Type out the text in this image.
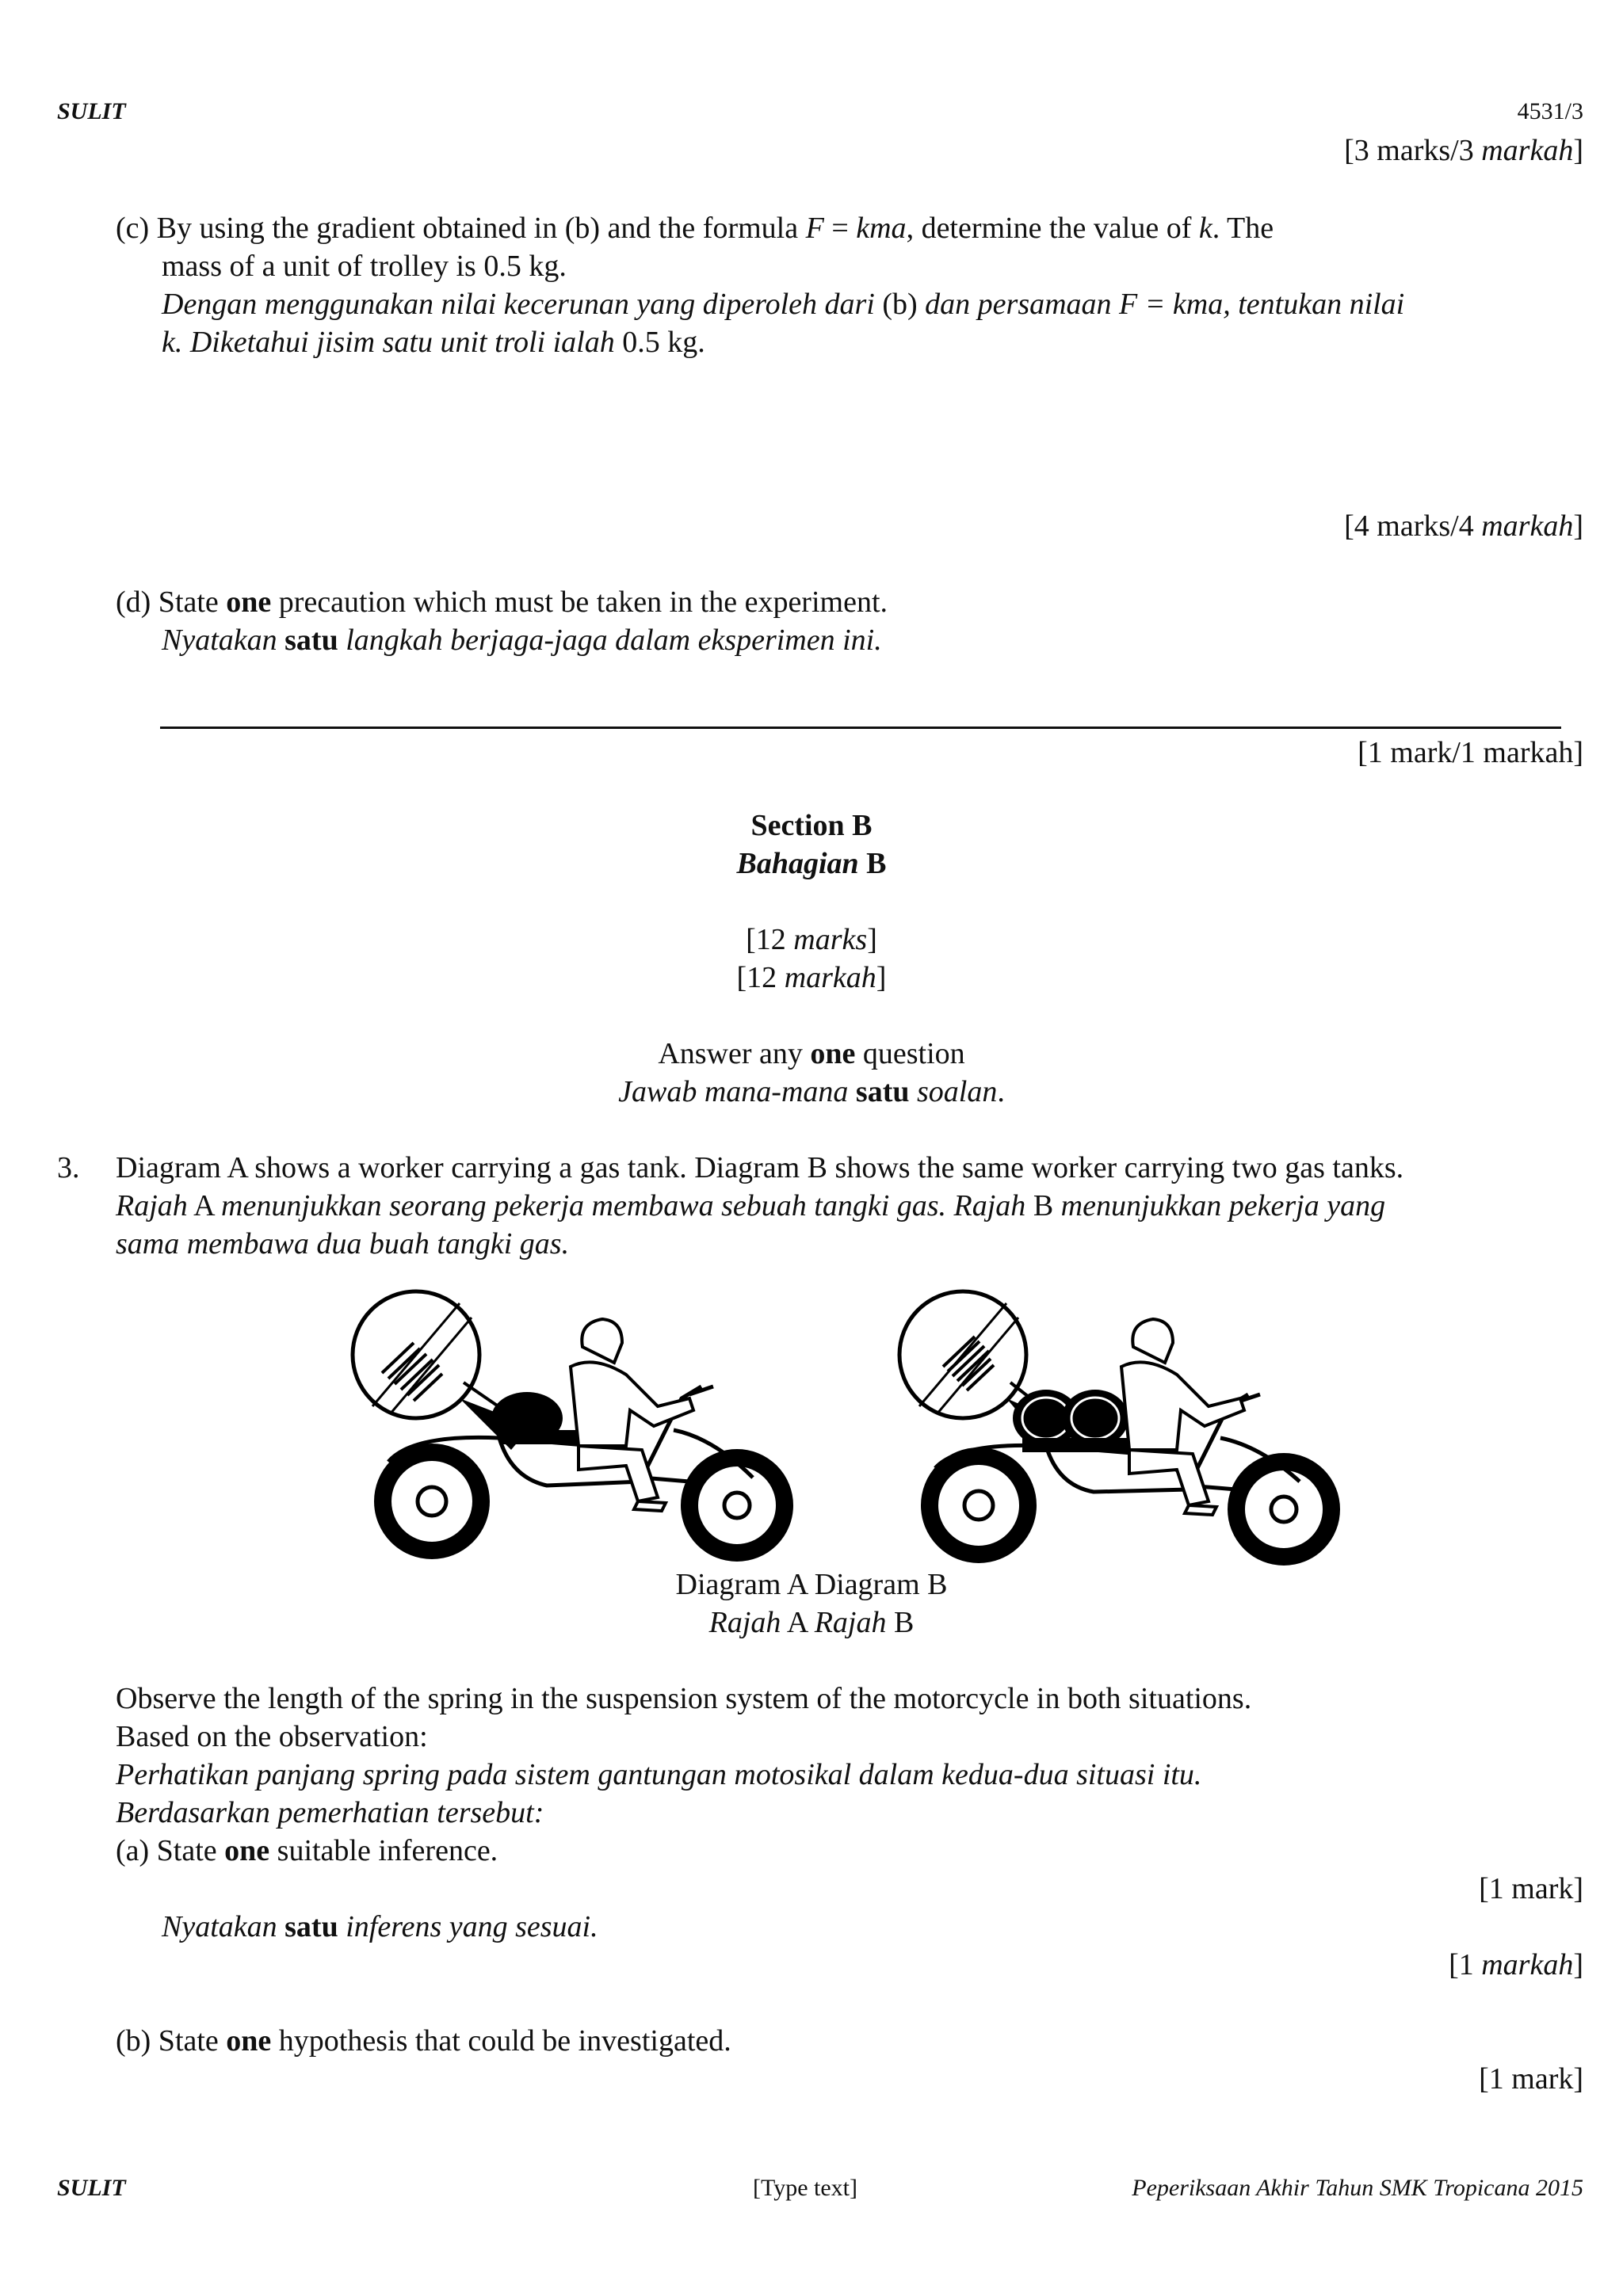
SULIT	4531/3
[3 marks/3 markah]
(c) By using the gradient obtained in (b) and the formula F = kma, determine the value of k. The
mass of a unit of trolley is 0.5 kg.
Dengan menggunakan nilai kecerunan yang diperoleh dari (b) dan persamaan F = kma, tentukan nilai
k. Diketahui jisim satu unit troli ialah 0.5 kg.
[4 marks/4 markah]
(d) State one precaution which must be taken in the experiment.
Nyatakan satu langkah berjaga-jaga dalam eksperimen ini.
[1 mark/1 markah]
Section B
Bahagian B
[12 marks]
[12 markah]
Answer any one question
Jawab mana-mana satu soalan.
3. Diagram A shows a worker carrying a gas tank. Diagram B shows the same worker carrying two gas tanks.
Rajah A menunjukkan seorang pekerja membawa sebuah tangki gas. Rajah B menunjukkan pekerja yang
sama membawa dua buah tangki gas.
Diagram A Diagram B
Rajah A Rajah B
Observe the length of the spring in the suspension system of the motorcycle in both situations.
Based on the observation:
Perhatikan panjang spring pada sistem gantungan motosikal dalam kedua-dua situasi itu.
Berdasarkan pemerhatian tersebut:
(a) State one suitable inference.
[1 mark]
Nyatakan satu inferens yang sesuai.
[1 markah]
(b) State one hypothesis that could be investigated.
[1 mark]
SULIT	[Type text]	Peperiksaan Akhir Tahun SMK Tropicana 2015
